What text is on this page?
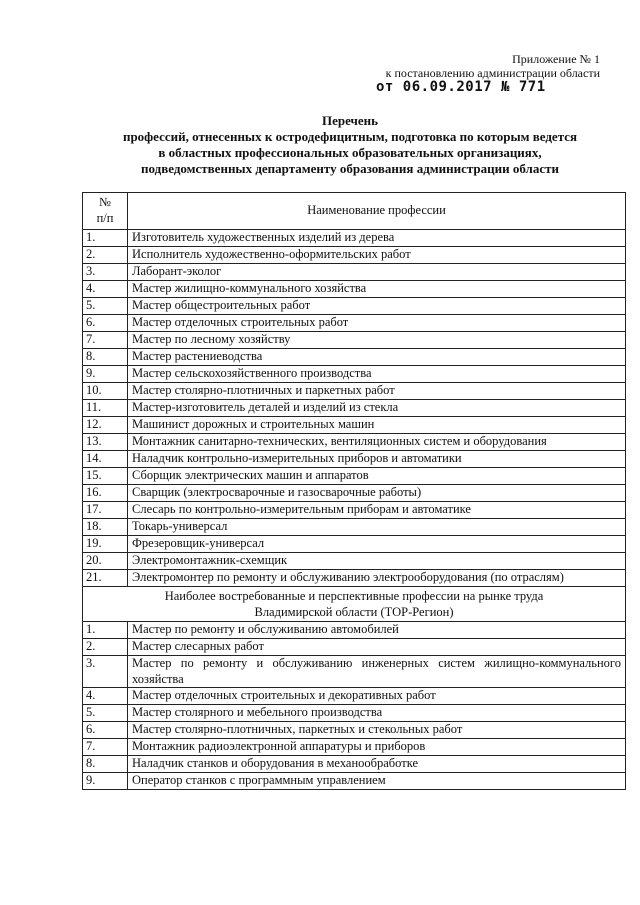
Приложение № 1
к постановлению администрации области
от 06.09.2017 № 771
Перечень
профессий, отнесенных к остродефицитным, подготовка по которым ведется
в областных профессиональных образовательных организациях,
подведомственных департаменту образования администрации области
№
п/п	Наименование профессии
1.	Изготовитель художественных изделий из дерева
2.	Исполнитель художественно-оформительских работ
3.	Лаборант-эколог
4.	Мастер жилищно-коммунального хозяйства
5.	Мастер общестроительных работ
6.	Мастер отделочных строительных работ
7.	Мастер по лесному хозяйству
8.	Мастер растениеводства
9.	Мастер сельскохозяйственного производства
10.	Мастер столярно-плотничных и паркетных работ
11.	Мастер-изготовитель деталей и изделий из стекла
12.	Машинист дорожных и строительных машин
13.	Монтажник санитарно-технических, вентиляционных систем и оборудования
14.	Наладчик контрольно-измерительных приборов и автоматики
15.	Сборщик электрических машин и аппаратов
16.	Сварщик (электросварочные и газосварочные работы)
17.	Слесарь по контрольно-измерительным приборам и автоматике
18.	Токарь-универсал
19.	Фрезеровщик-универсал
20.	Электромонтажник-схемщик
21.	Электромонтер по ремонту и обслуживанию электрооборудования (по отраслям)

Наиболее востребованные и перспективные профессии на рынке труда
Владимирской области (ТОР-Регион)	

1.	Мастер по ремонту и обслуживанию автомобилей
2.	Мастер слесарных работ
3.	Мастер по ремонту и обслуживанию инженерных систем жилищно-коммунального хозяйства
4.	Мастер отделочных строительных и декоративных работ
5.	Мастер столярного и мебельного производства
6.	Мастер столярно-плотничных, паркетных и стекольных работ
7.	Монтажник радиоэлектронной аппаратуры и приборов
8.	Наладчик станков и оборудования в механообработке
9.	Оператор станков с программным управлением
